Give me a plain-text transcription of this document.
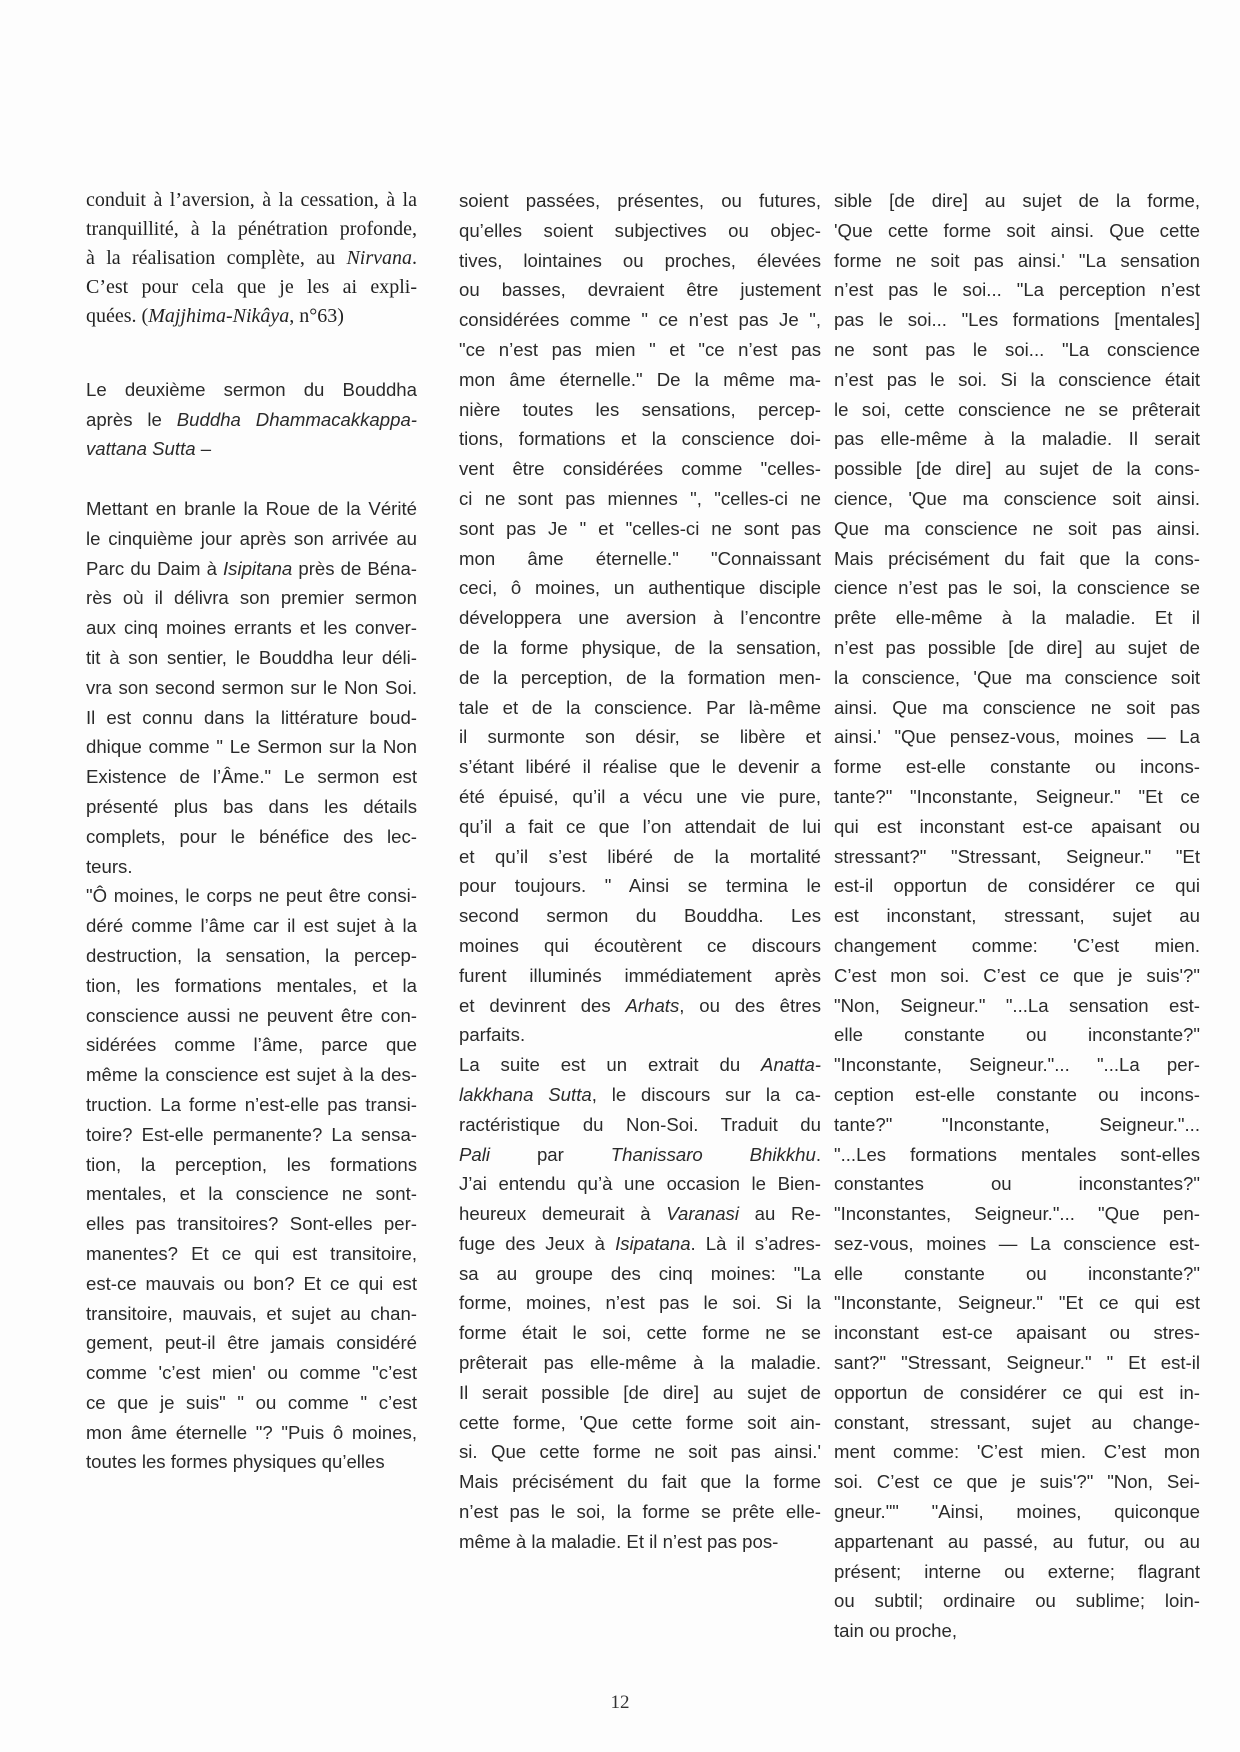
conduit à l’aversion, à la cessation, à la
tranquillité, à la pénétration profonde,
à la réalisation complète, au Nirvana.
C’est pour cela que je les ai expli-
quées. (Majjhima-Nikâya, n°63)
Le deuxième sermon du Bouddha
après le Buddha Dhammacakkappa-
vattana Sutta –
Mettant en branle la Roue de la Vérité
le cinquième jour après son arrivée au
Parc du Daim à Isipitana près de Béna-
rès où il délivra son premier sermon
aux cinq moines errants et les conver-
tit à son sentier, le Bouddha leur déli-
vra son second sermon sur le Non Soi.
Il est connu dans la littérature boud-
dhique comme " Le Sermon sur la Non
Existence de l’Âme." Le sermon est
présenté plus bas dans les détails
complets, pour le bénéfice des lec-
teurs.
"Ô moines, le corps ne peut être consi-
déré comme l’âme car il est sujet à la
destruction, la sensation, la percep-
tion, les formations mentales, et la
conscience aussi ne peuvent être con-
sidérées comme l’âme, parce que
même la conscience est sujet à la des-
truction. La forme n’est-elle pas transi-
toire? Est-elle permanente? La sensa-
tion, la perception, les formations
mentales, et la conscience ne sont-
elles pas transitoires? Sont-elles per-
manentes? Et ce qui est transitoire,
est-ce mauvais ou bon? Et ce qui est
transitoire, mauvais, et sujet au chan-
gement, peut-il être jamais considéré
comme 'c’est mien' ou comme "c’est
ce que je suis" " ou comme " c’est
mon âme éternelle "? "Puis ô moines,
toutes les formes physiques qu’elles
soient passées, présentes, ou futures,
qu’elles soient subjectives ou objec-
tives, lointaines ou proches, élevées
ou basses, devraient être justement
considérées comme " ce n’est pas Je ",
"ce n’est pas mien " et "ce n’est pas
mon âme éternelle." De la même ma-
nière toutes les sensations, percep-
tions, formations et la conscience doi-
vent être considérées comme "celles-
ci ne sont pas miennes ", "celles-ci ne
sont pas Je " et "celles-ci ne sont pas
mon âme éternelle." "Connaissant
ceci, ô moines, un authentique disciple
développera une aversion à l’encontre
de la forme physique, de la sensation,
de la perception, de la formation men-
tale et de la conscience. Par là-même
il surmonte son désir, se libère et
s’étant libéré il réalise que le devenir a
été épuisé, qu’il a vécu une vie pure,
qu’il a fait ce que l’on attendait de lui
et qu’il s’est libéré de la mortalité
pour toujours. " Ainsi se termina le
second sermon du Bouddha. Les
moines qui écoutèrent ce discours
furent illuminés immédiatement après
et devinrent des Arhats, ou des êtres
parfaits.
La suite est un extrait du Anatta-
lakkhana Sutta, le discours sur la ca-
ractéristique du Non-Soi. Traduit du
Pali par Thanissaro Bhikkhu.
J’ai entendu qu’à une occasion le Bien-
heureux demeurait à Varanasi au Re-
fuge des Jeux à Isipatana. Là il s’adres-
sa au groupe des cinq moines: "La
forme, moines, n’est pas le soi. Si la
forme était le soi, cette forme ne se
prêterait pas elle-même à la maladie.
Il serait possible [de dire] au sujet de
cette forme, 'Que cette forme soit ain-
si. Que cette forme ne soit pas ainsi.'
Mais précisément du fait que la forme
n’est pas le soi, la forme se prête elle-
même à la maladie. Et il n’est pas pos-
sible [de dire] au sujet de la forme,
'Que cette forme soit ainsi. Que cette
forme ne soit pas ainsi.' "La sensation
n’est pas le soi... "La perception n’est
pas le soi... "Les formations [mentales]
ne sont pas le soi... "La conscience
n’est pas le soi. Si la conscience était
le soi, cette conscience ne se prêterait
pas elle-même à la maladie. Il serait
possible [de dire] au sujet de la cons-
cience, 'Que ma conscience soit ainsi.
Que ma conscience ne soit pas ainsi.
Mais précisément du fait que la cons-
cience n’est pas le soi, la conscience se
prête elle-même à la maladie. Et il
n’est pas possible [de dire] au sujet de
la conscience, 'Que ma conscience soit
ainsi. Que ma conscience ne soit pas
ainsi.' "Que pensez-vous, moines — La
forme est-elle constante ou incons-
tante?" "Inconstante, Seigneur." "Et ce
qui est inconstant est-ce apaisant ou
stressant?" "Stressant, Seigneur." "Et
est-il opportun de considérer ce qui
est inconstant, stressant, sujet au
changement comme: 'C’est mien.
C’est mon soi. C’est ce que je suis'?"
"Non, Seigneur." "...La sensation est-
elle constante ou inconstante?"
"Inconstante, Seigneur."... "...La per-
ception est-elle constante ou incons-
tante?" "Inconstante, Seigneur."...
"...Les formations mentales sont-elles
constantes ou inconstantes?"
"Inconstantes, Seigneur."... "Que pen-
sez-vous, moines — La conscience est-
elle constante ou inconstante?"
"Inconstante, Seigneur." "Et ce qui est
inconstant est-ce apaisant ou stres-
sant?" "Stressant, Seigneur." " Et est-il
opportun de considérer ce qui est in-
constant, stressant, sujet au change-
ment comme: 'C’est mien. C’est mon
soi. C’est ce que je suis'?" "Non, Sei-
gneur."" "Ainsi, moines, quiconque
appartenant au passé, au futur, ou au
présent; interne ou externe; flagrant
ou subtil; ordinaire ou sublime; loin-
tain ou proche,
12
